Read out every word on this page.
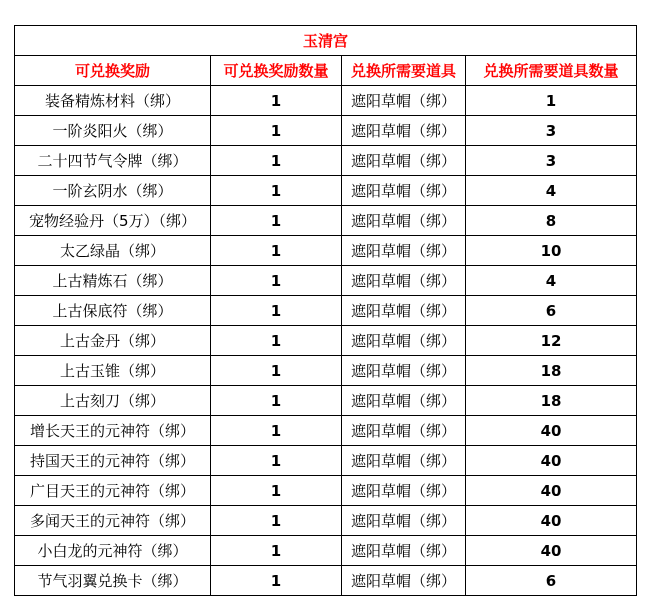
玉清宫			
可兑换奖励	可兑换奖励数量	兑换所需要道具	兑换所需要道具数量
装备精炼材料（绑）	1	遮阳草帽（绑）	1
一阶炎阳火（绑）	1	遮阳草帽（绑）	3
二十四节气令牌（绑）	1	遮阳草帽（绑）	3
一阶玄阴水（绑）	1	遮阳草帽（绑）	4
宠物经验丹（5万）（绑）	1	遮阳草帽（绑）	8
太乙绿晶（绑）	1	遮阳草帽（绑）	10
上古精炼石（绑）	1	遮阳草帽（绑）	4
上古保底符（绑）	1	遮阳草帽（绑）	6
上古金丹（绑）	1	遮阳草帽（绑）	12
上古玉锥（绑）	1	遮阳草帽（绑）	18
上古刻刀（绑）	1	遮阳草帽（绑）	18
增长天王的元神符（绑）	1	遮阳草帽（绑）	40
持国天王的元神符（绑）	1	遮阳草帽（绑）	40
广目天王的元神符（绑）	1	遮阳草帽（绑）	40
多闻天王的元神符（绑）	1	遮阳草帽（绑）	40
小白龙的元神符（绑）	1	遮阳草帽（绑）	40
节气羽翼兑换卡（绑）	1	遮阳草帽（绑）	6
